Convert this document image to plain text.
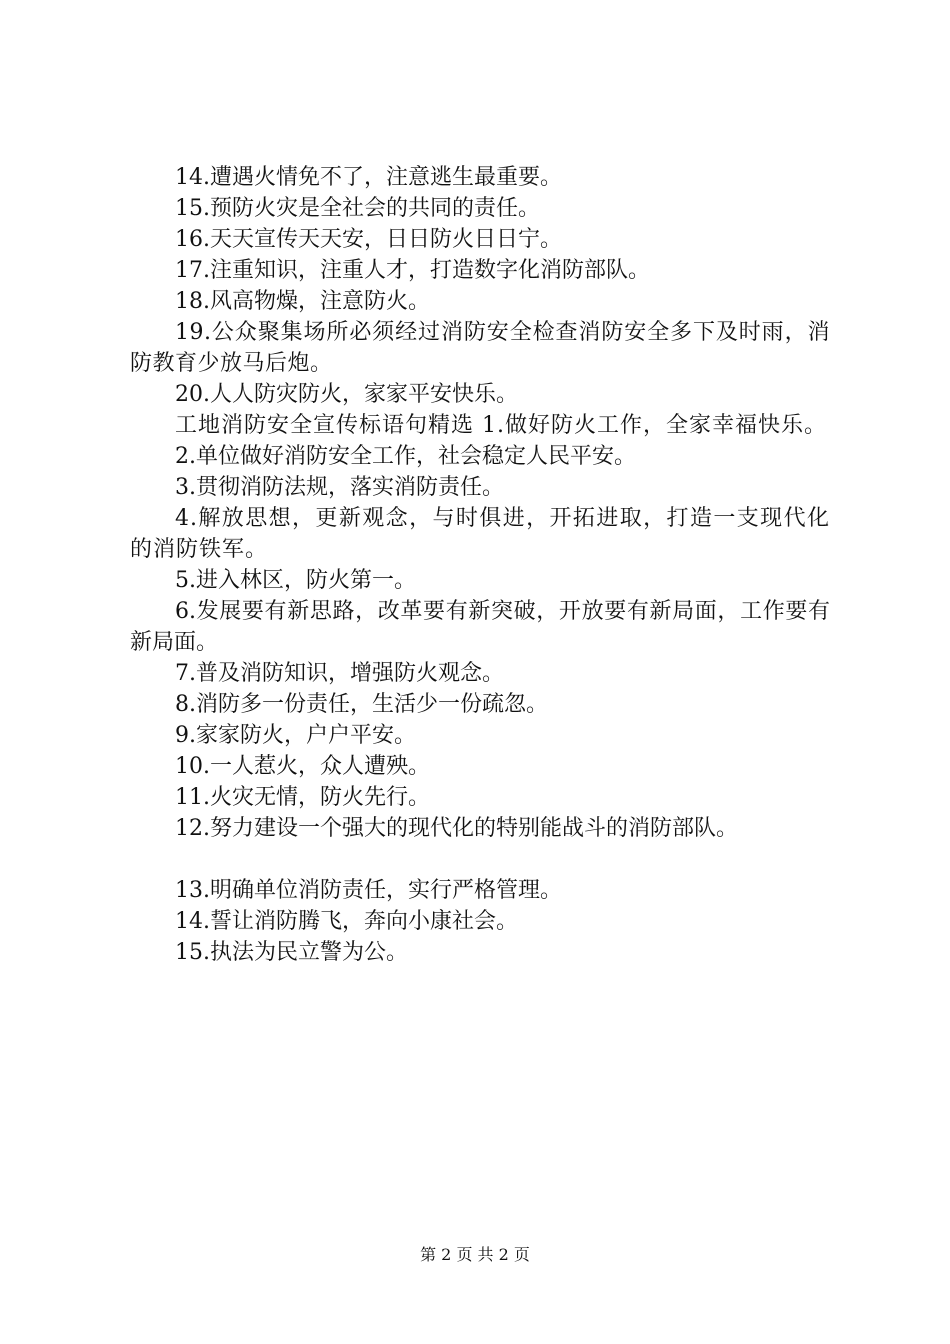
14.遭遇火情免不了，注意逃生最重要。

15.预防火灾是全社会的共同的责任。

16.天天宣传天天安，日日防火日日宁。

17.注重知识，注重人才，打造数字化消防部队。

18.风高物燥，注意防火。

19.公众聚集场所必须经过消防安全检查消防安全多下及时雨，消防教育少放马后炮。

20.人人防灾防火，家家平安快乐。

工地消防安全宣传标语句精选 1.做好防火工作，全家幸福快乐。

2.单位做好消防安全工作，社会稳定人民平安。

3.贯彻消防法规，落实消防责任。

4.解放思想，更新观念，与时俱进，开拓进取，打造一支现代化的消防铁军。

5.进入林区，防火第一。

6.发展要有新思路，改革要有新突破，开放要有新局面，工作要有新局面。

7.普及消防知识，增强防火观念。

8.消防多一份责任，生活少一份疏忽。

9.家家防火，户户平安。

10.一人惹火，众人遭殃。

11.火灾无情，防火先行。

12.努力建设一个强大的现代化的特别能战斗的消防部队。

13.明确单位消防责任，实行严格管理。

14.誓让消防腾飞，奔向小康社会。

15.执法为民立警为公。

第 2 页 共 2 页
